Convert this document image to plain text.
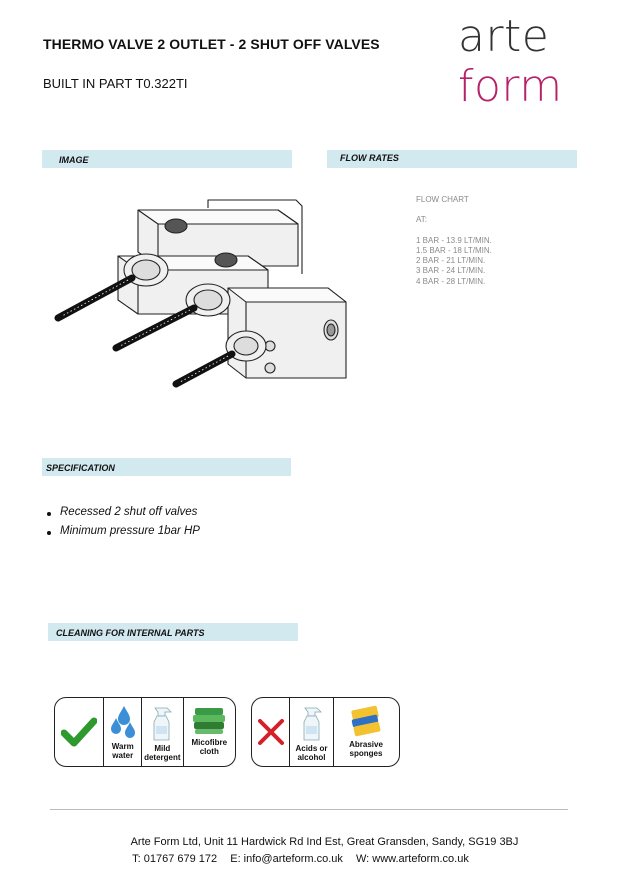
THERMO VALVE 2 OUTLET - 2 SHUT OFF VALVES
BUILT IN PART T0.322TI
arte
form
IMAGE	FLOW RATES
FLOW CHART
AT:
1 BAR - 13.9 LT/MIN.
1.5 BAR - 18 LT/MIN.
2 BAR - 21 LT/MIN.
3 BAR - 24 LT/MIN.
4 BAR - 28 LT/MIN.
SPECIFICATION
Recessed 2 shut off valves
Minimum pressure 1bar HP
CLEANING FOR INTERNAL PARTS
Warm water
Mild detergent
Micofibre cloth	Acids or alcohol
Abrasive sponges
Arte Form Ltd, Unit 11 Hardwick Rd Ind Est, Great Gransden, Sandy, SG19 3BJ
T: 01767 679 172 E: info@arteform.co.uk W: www.arteform.co.uk
